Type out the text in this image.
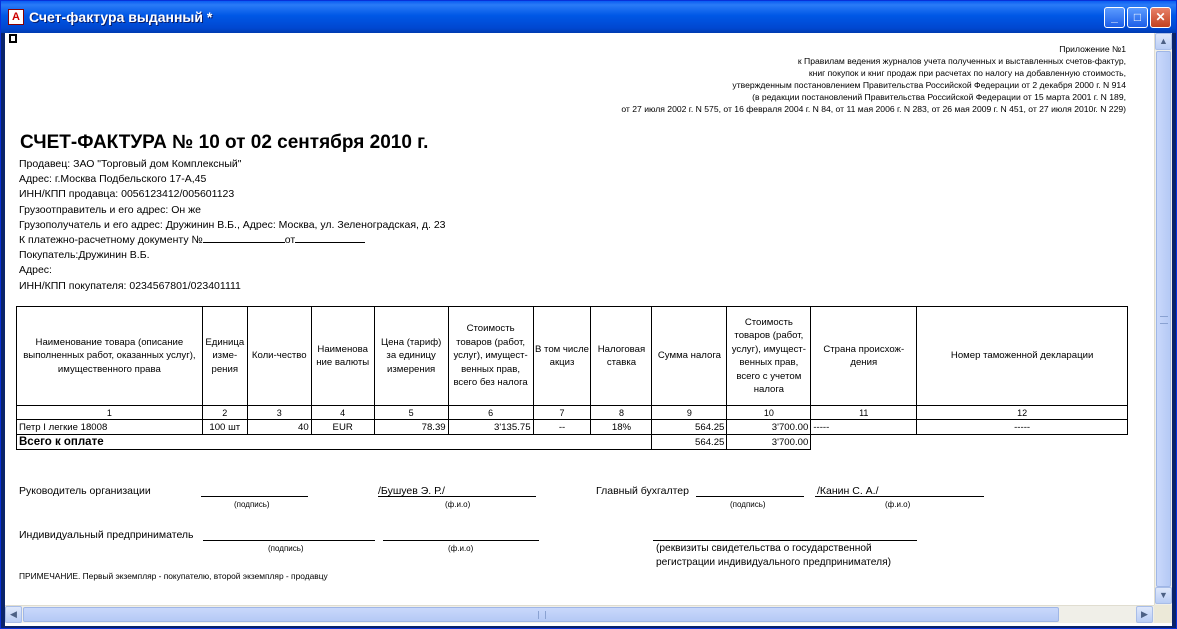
A Счет-фактура выданный *	_	□	✕
Приложение №1
к Правилам ведения журналов учета полученных и выставленных счетов-фактур,
книг покупок и книг продаж при расчетах по налогу на добавленную стоимость,
утвержденным постановлением Правительства Российской Федерации от 2 декабря 2000 г. N 914
(в редакции постановлений Правительства Российской Федерации от 15 марта 2001 г. N 189,
от 27 июля 2002 г. N 575, от 16 февраля 2004 г. N 84, от 11 мая 2006 г. N 283, от 26 мая 2009 г. N 451, от 27 июля 2010г. N 229)
СЧЕТ-ФАКТУРА № 10 от 02 сентября 2010 г.
Продавец: ЗАО "Торговый дом Комплексный"
Адрес: г.Москва Подбельского 17-А,45
ИНН/КПП продавца: 0056123412/005601123
Грузоотправитель и его адрес: Он же
Грузополучатель и его адрес: Дружинин В.Б., Адрес: Москва, ул. Зеленоградская, д. 23
К платежно-расчетному документу №	от
Покупатель:Дружинин В.Б.
Адрес:
ИНН/КПП покупателя: 0234567801/023401111
Наименование товара (описание выполненных работ, оказанных услуг), имущественного права	Единица изме-рения	Коли-чество	Наименова ние валюты	Цена (тариф) за единицу измерения	Стоимость товаров (работ, услуг), имущест-венных прав, всего без налога	В том числе акциз	Налоговая ставка	Сумма налога	Стоимость товаров (работ, услуг), имущест-венных прав, всего с учетом налога	Страна происхож-дения	Номер таможенной декларации
1	2	3	4	5	6	7	8	9	10	11	12
Петр I легкие 18008	100 шт	40	EUR	78.39	3'135.75	--	18%	564.25	3'700.00	-----	-----
Всего к оплате								564.25	3'700.00		
Руководитель организации
(подпись)
/Бушуев Э. Р./
(ф.и.о)
Главный бухгалтер
(подпись)
/Канин С. А./
(ф.и.о)
Индивидуальный предприниматель
(подпись)	(ф.и.о)	(реквизиты свидетельства о государственной
регистрации индивидуального предпринимателя)
ПРИМЕЧАНИЕ. Первый экземпляр - покупателю, второй экземпляр - продавцу
▲
▼
◀	▶
